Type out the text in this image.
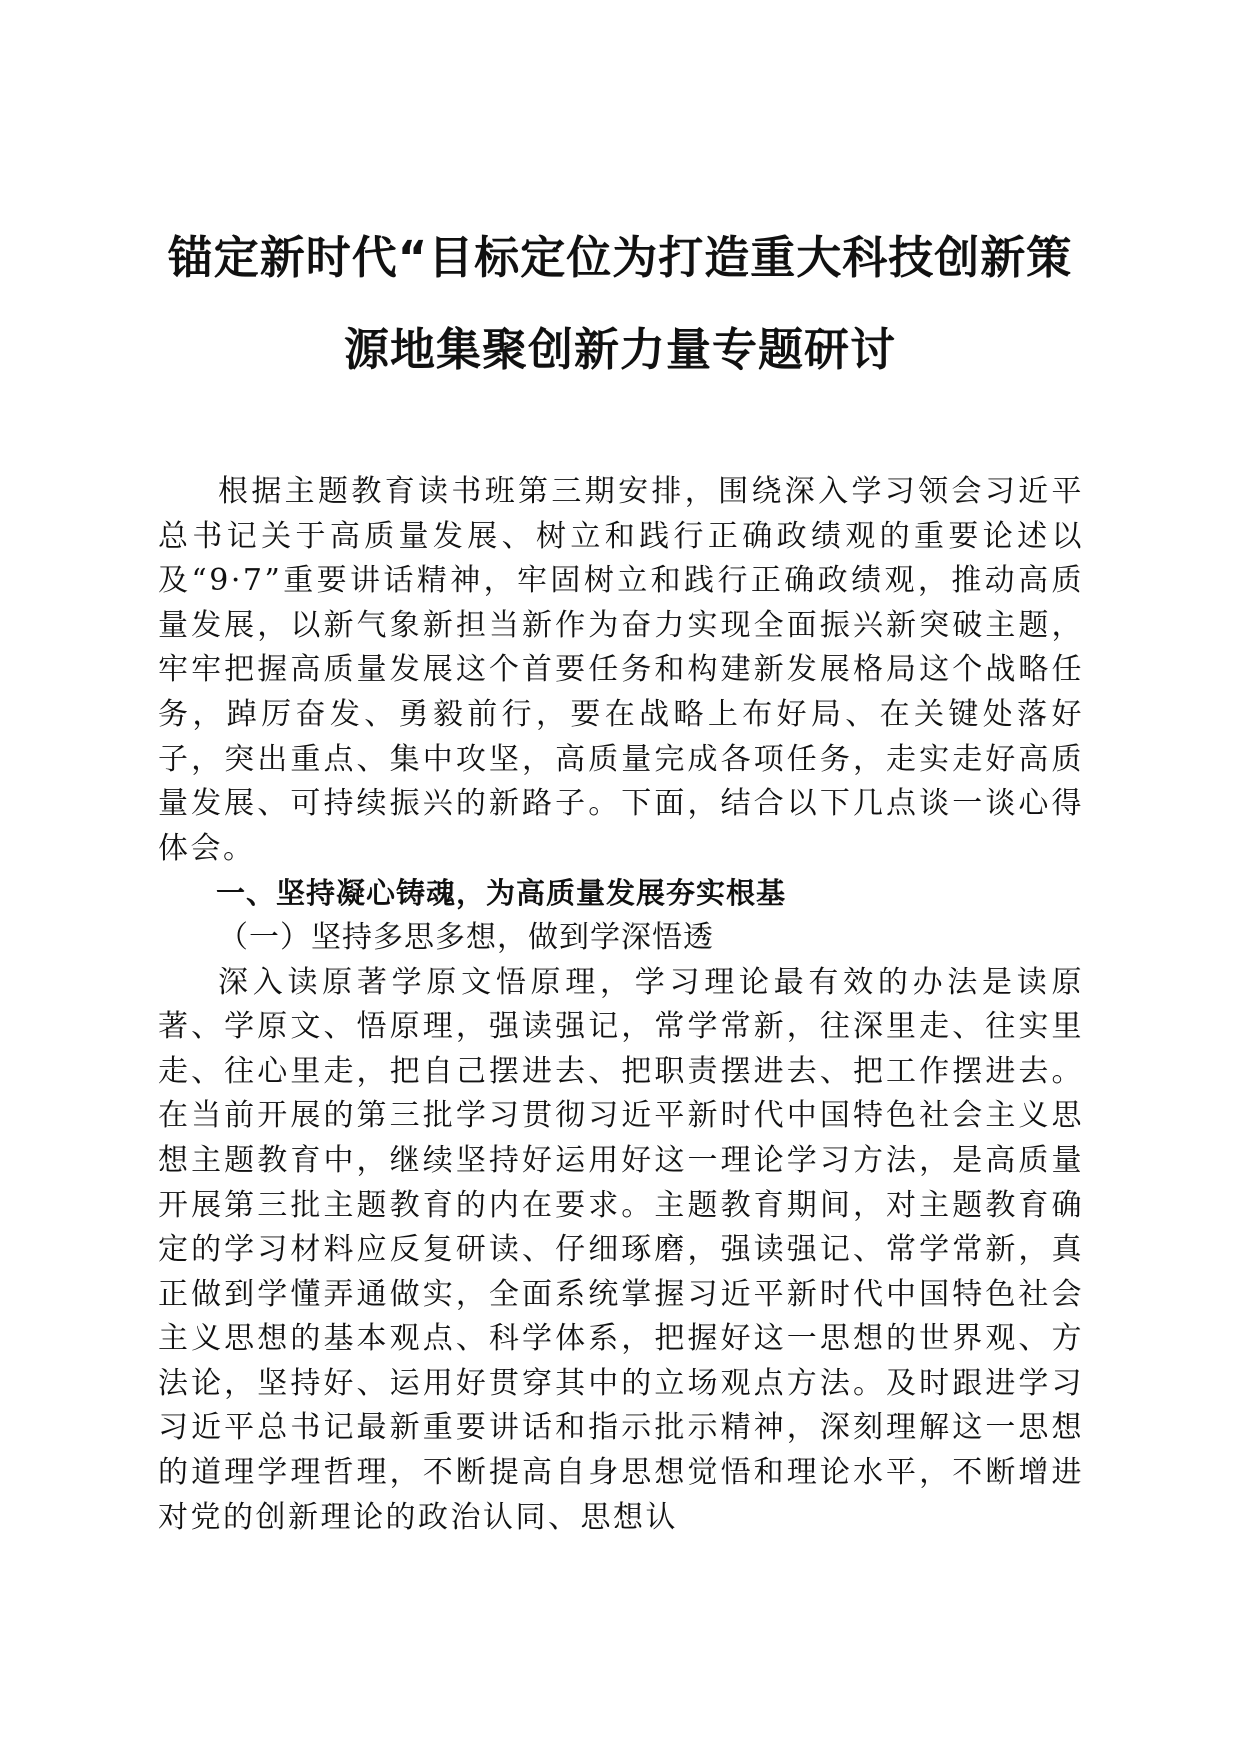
锚定新时代“目标定位为打造重大科技创新策
源地集聚创新力量专题研讨

根据主题教育读书班第三期安排，围绕深入学习领会习近平总书记关于高质量发展、树立和践行正确政绩观的重要论述以及“9·7”重要讲话精神，牢固树立和践行正确政绩观，推动高质量发展，以新气象新担当新作为奋力实现全面振兴新突破主题，牢牢把握高质量发展这个首要任务和构建新发展格局这个战略任务，踔厉奋发、勇毅前行，要在战略上布好局、在关键处落好子，突出重点、集中攻坚，高质量完成各项任务，走实走好高质量发展、可持续振兴的新路子。下面，结合以下几点谈一谈心得体会。

一、坚持凝心铸魂，为高质量发展夯实根基

（一）坚持多思多想，做到学深悟透

深入读原著学原文悟原理，学习理论最有效的办法是读原著、学原文、悟原理，强读强记，常学常新，往深里走、往实里走、往心里走，把自己摆进去、把职责摆进去、把工作摆进去。在当前开展的第三批学习贯彻习近平新时代中国特色社会主义思想主题教育中，继续坚持好运用好这一理论学习方法，是高质量开展第三批主题教育的内在要求。主题教育期间，对主题教育确定的学习材料应反复研读、仔细琢磨，强读强记、常学常新，真正做到学懂弄通做实，全面系统掌握习近平新时代中国特色社会主义思想的基本观点、科学体系，把握好这一思想的世界观、方法论，坚持好、运用好贯穿其中的立场观点方法。及时跟进学习习近平总书记最新重要讲话和指示批示精神，深刻理解这一思想的道理学理哲理，不断提高自身思想觉悟和理论水平，不断增进对党的创新理论的政治认同、思想认
